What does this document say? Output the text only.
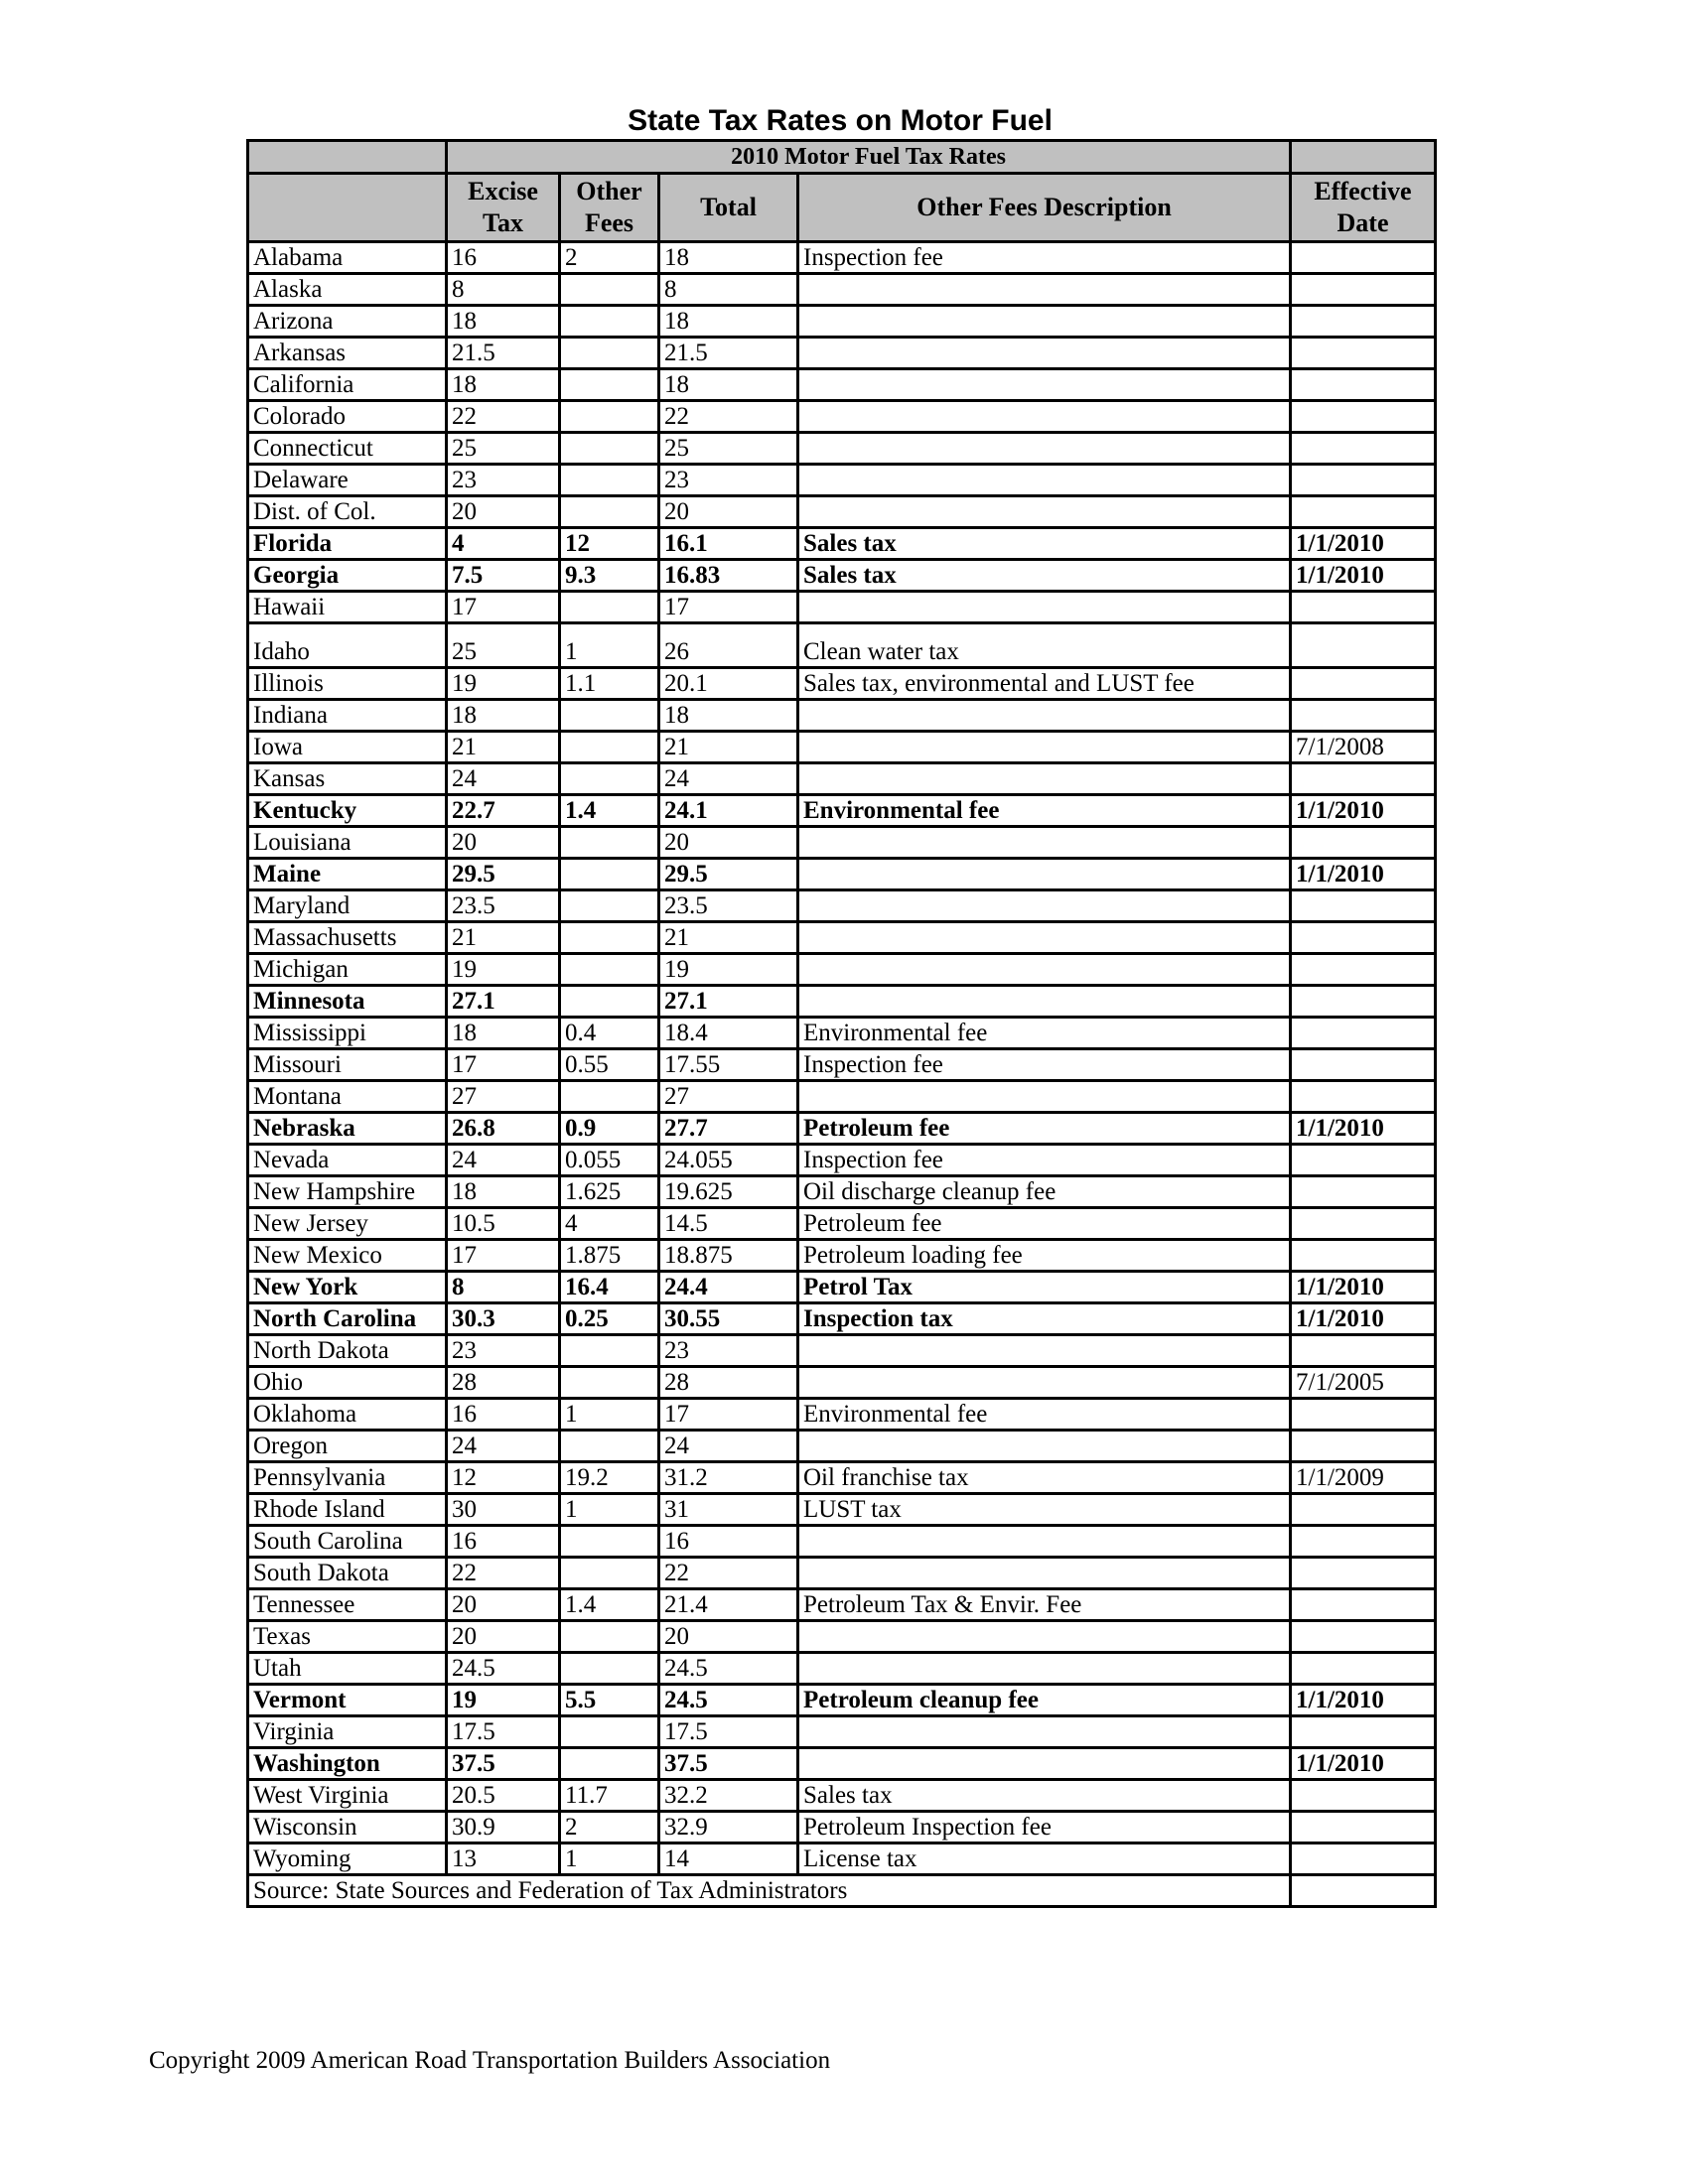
State Tax Rates on Motor Fuel
	2010 Motor Fuel Tax Rates				
	Excise Tax	Other Fees	Total	Other Fees Description	Effective Date
Alabama	16	2	18	Inspection fee	
Alaska	8		8		
Arizona	18		18		
Arkansas	21.5		21.5		
California	18		18		
Colorado	22		22		
Connecticut	25		25		
Delaware	23		23		
Dist. of Col.	20		20		
Florida	4	12	16.1	Sales tax	1/1/2010
Georgia	7.5	9.3	16.83	Sales tax	1/1/2010
Hawaii	17		17		
Idaho	25	1	26	Clean water tax	
Illinois	19	1.1	20.1	Sales tax, environmental and LUST fee	
Indiana	18		18		
Iowa	21		21		7/1/2008
Kansas	24		24		
Kentucky	22.7	1.4	24.1	Environmental fee	1/1/2010
Louisiana	20		20		
Maine	29.5		29.5		1/1/2010
Maryland	23.5		23.5		
Massachusetts	21		21		
Michigan	19		19		
Minnesota	27.1		27.1		
Mississippi	18	0.4	18.4	Environmental fee	
Missouri	17	0.55	17.55	Inspection fee	
Montana	27		27		
Nebraska	26.8	0.9	27.7	Petroleum fee	1/1/2010
Nevada	24	0.055	24.055	Inspection fee	
New Hampshire	18	1.625	19.625	Oil discharge cleanup fee	
New Jersey	10.5	4	14.5	Petroleum fee	
New Mexico	17	1.875	18.875	Petroleum loading fee	
New York	8	16.4	24.4	Petrol Tax	1/1/2010
North Carolina	30.3	0.25	30.55	Inspection tax	1/1/2010
North Dakota	23		23		
Ohio	28		28		7/1/2005
Oklahoma	16	1	17	Environmental fee	
Oregon	24		24		
Pennsylvania	12	19.2	31.2	Oil franchise tax	1/1/2009
Rhode Island	30	1	31	LUST tax	
South Carolina	16		16		
South Dakota	22		22		
Tennessee	20	1.4	21.4	Petroleum Tax & Envir. Fee	
Texas	20		20		
Utah	24.5		24.5		
Vermont	19	5.5	24.5	Petroleum cleanup fee	1/1/2010
Virginia	17.5		17.5		
Washington	37.5		37.5		1/1/2010
West Virginia	20.5	11.7	32.2	Sales tax	
Wisconsin	30.9	2	32.9	Petroleum Inspection fee	
Wyoming	13	1	14	License tax	
Source: State Sources and Federation of Tax Administrators					
Copyright 2009 American Road Transportation Builders Association
